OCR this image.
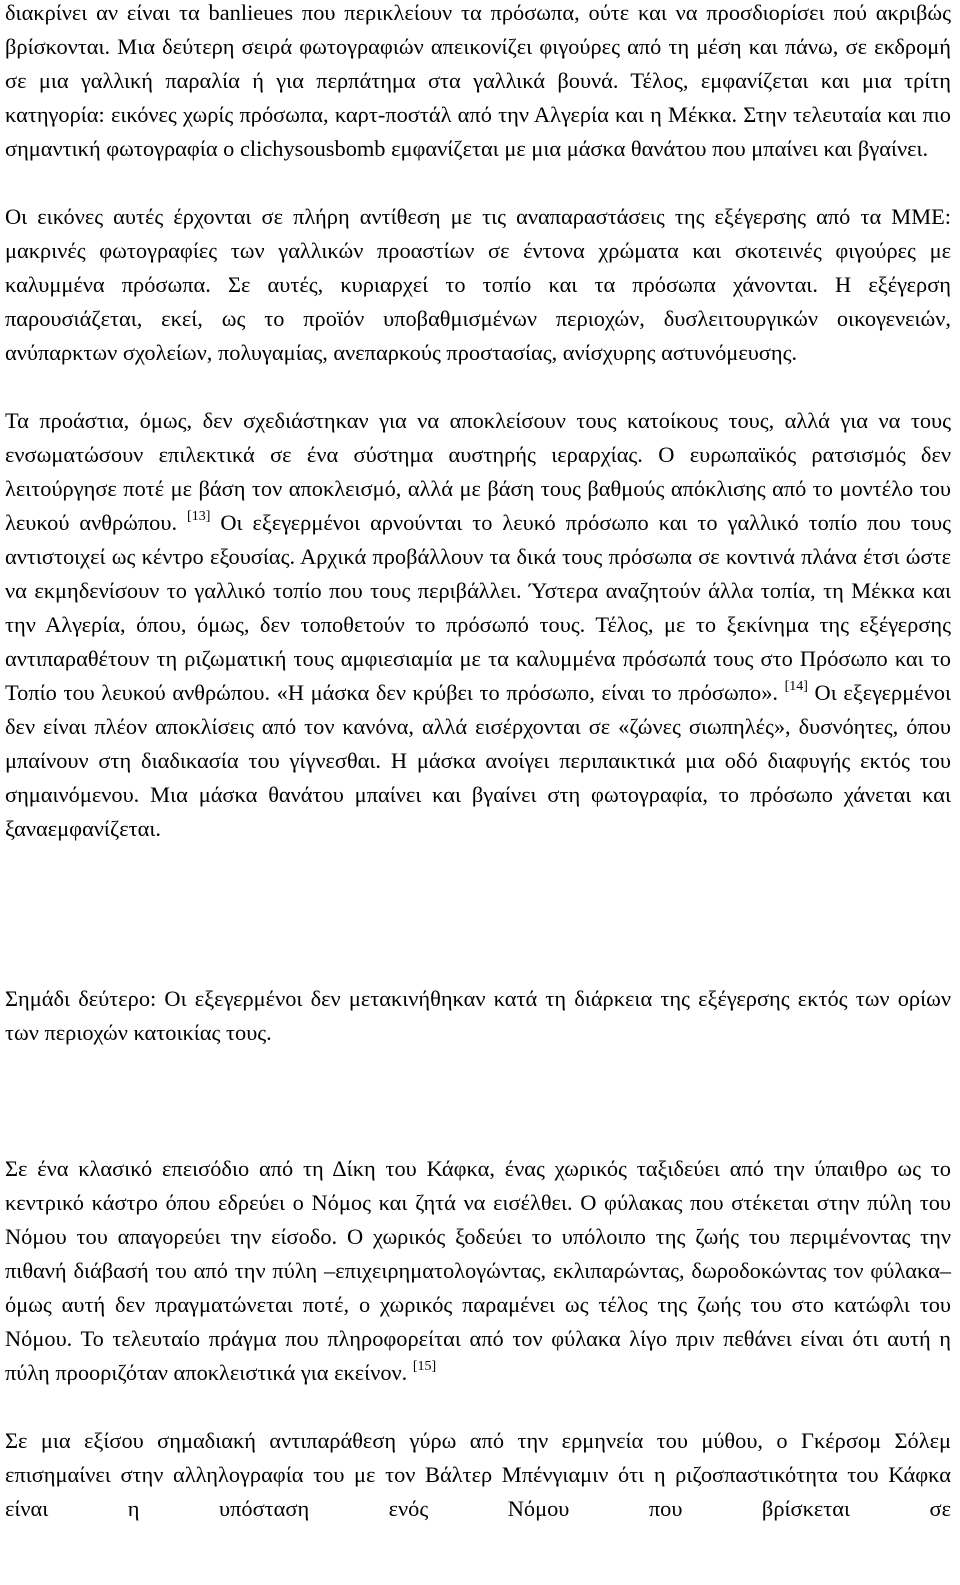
διακρίνει αν είναι τα banlieues που περικλείουν τα πρόσωπα, ούτε και να προσδιορίσει πού ακριβώς βρίσκονται. Μια δεύτερη σειρά φωτογραφιών απεικονίζει φιγούρες από τη μέση και πάνω, σε εκδρομή σε μια γαλλική παραλία ή για περπάτημα στα γαλλικά βουνά. Τέλος, εμφανίζεται και μια τρίτη κατηγορία: εικόνες χωρίς πρόσωπα, καρτ-ποστάλ από την Αλγερία και η Μέκκα. Στην τελευταία και πιο σημαντική φωτογραφία ο clichysousbomb εμφανίζεται με μια μάσκα θανάτου που μπαίνει και βγαίνει.

Οι εικόνες αυτές έρχονται σε πλήρη αντίθεση με τις αναπαραστάσεις της εξέγερσης από τα ΜΜΕ: μακρινές φωτογραφίες των γαλλικών προαστίων σε έντονα χρώματα και σκοτεινές φιγούρες με καλυμμένα πρόσωπα. Σε αυτές, κυριαρχεί το τοπίο και τα πρόσωπα χάνονται. Η εξέγερση παρουσιάζεται, εκεί, ως το προϊόν υποβαθμισμένων περιοχών, δυσλειτουργικών οικογενειών, ανύπαρκτων σχολείων, πολυγαμίας, ανεπαρκούς προστασίας, ανίσχυρης αστυνόμευσης.

Τα προάστια, όμως, δεν σχεδιάστηκαν για να αποκλείσουν τους κατοίκους τους, αλλά για να τους ενσωματώσουν επιλεκτικά σε ένα σύστημα αυστηρής ιεραρχίας. Ο ευρωπαϊκός ρατσισμός δεν λειτούργησε ποτέ με βάση τον αποκλεισμό, αλλά με βάση τους βαθμούς απόκλισης από το μοντέλο του λευκού ανθρώπου. [13] Οι εξεγερμένοι αρνούνται το λευκό πρόσωπο και το γαλλικό τοπίο που τους αντιστοιχεί ως κέντρο εξουσίας. Αρχικά προβάλλουν τα δικά τους πρόσωπα σε κοντινά πλάνα έτσι ώστε να εκμηδενίσουν το γαλλικό τοπίο που τους περιβάλλει. Ύστερα αναζητούν άλλα τοπία, τη Μέκκα και την Αλγερία, όπου, όμως, δεν τοποθετούν το πρόσωπό τους. Τέλος, με το ξεκίνημα της εξέγερσης αντιπαραθέτουν τη ριζωματική τους αμφιεσιαμία με τα καλυμμένα πρόσωπά τους στο Πρόσωπο και το Τοπίο του λευκού ανθρώπου. «Η μάσκα δεν κρύβει το πρόσωπο, είναι το πρόσωπο». [14] Οι εξεγερμένοι δεν είναι πλέον αποκλίσεις από τον κανόνα, αλλά εισέρχονται σε «ζώνες σιωπηλές», δυσνόητες, όπου μπαίνουν στη διαδικασία του γίγνεσθαι. Η μάσκα ανοίγει περιπαικτικά μια οδό διαφυγής εκτός του σημαινόμενου. Μια μάσκα θανάτου μπαίνει και βγαίνει στη φωτογραφία, το πρόσωπο χάνεται και ξαναεμφανίζεται.

Σημάδι δεύτερο: Οι εξεγερμένοι δεν μετακινήθηκαν κατά τη διάρκεια της εξέγερσης εκτός των ορίων των περιοχών κατοικίας τους.

Σε ένα κλασικό επεισόδιο από τη Δίκη του Κάφκα, ένας χωρικός ταξιδεύει από την ύπαιθρο ως το κεντρικό κάστρο όπου εδρεύει ο Νόμος και ζητά να εισέλθει. Ο φύλακας που στέκεται στην πύλη του Νόμου του απαγορεύει την είσοδο. Ο χωρικός ξοδεύει το υπόλοιπο της ζωής του περιμένοντας την πιθανή διάβασή του από την πύλη –επιχειρηματολογώντας, εκλιπαρώντας, δωροδοκώντας τον φύλακα– όμως αυτή δεν πραγματώνεται ποτέ, ο χωρικός παραμένει ως τέλος της ζωής του στο κατώφλι του Νόμου. Το τελευταίο πράγμα που πληροφορείται από τον φύλακα λίγο πριν πεθάνει είναι ότι αυτή η πύλη προοριζόταν αποκλειστικά για εκείνον. [15]

Σε μια εξίσου σημαδιακή αντιπαράθεση γύρω από την ερμηνεία του μύθου, ο Γκέρσομ Σόλεμ επισημαίνει στην αλληλογραφία του με τον Βάλτερ Μπένγιαμιν ότι η ριζοσπαστικότητα του Κάφκα είναι η υπόσταση ενός Νόμου που βρίσκεται σε
